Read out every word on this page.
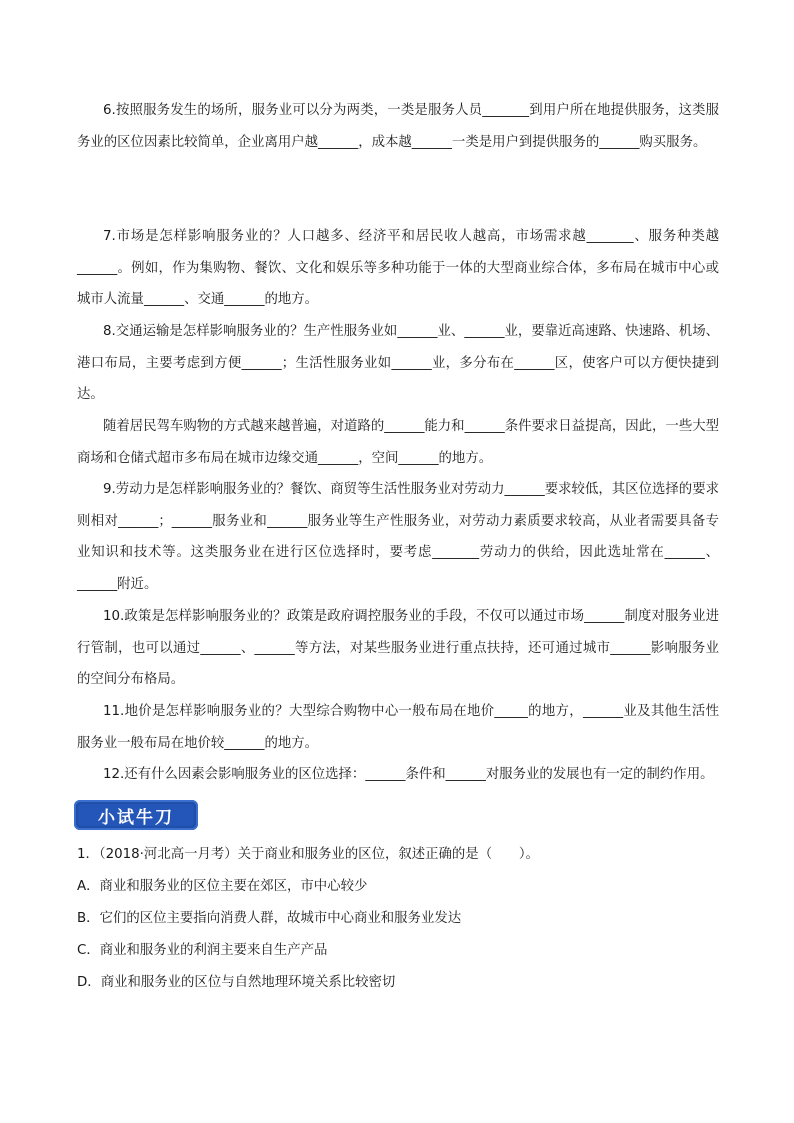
6.按照服务发生的场所，服务业可以分为两类，一类是服务人员_______到用户所在地提供服务，这类服务业的区位因素比较简单，企业离用户越______，成本越______一类是用户到提供服务的______购买服务。
7.市场是怎样影响服务业的？人口越多、经济平和居民收人越高，市场需求越_______、服务种类越______。例如，作为集购物、餐饮、文化和娱乐等多种功能于一体的大型商业综合体，多布局在城市中心或城市人流量______、交通______的地方。
8.交通运输是怎样影响服务业的？生产性服务业如______业、______业，要靠近高速路、快速路、机场、港口布局，主要考虑到方便______；生活性服务业如______业，多分布在______区，使客户可以方便快捷到达。
随着居民驾车购物的方式越来越普遍，对道路的______能力和______条件要求日益提高，因此，一些大型商场和仓储式超市多布局在城市边缘交通______，空间______的地方。
9.劳动力是怎样影响服务业的？餐饮、商贸等生活性服务业对劳动力______要求较低，其区位选择的要求则相对______；______服务业和______服务业等生产性服务业，对劳动力素质要求较高，从业者需要具备专业知识和技术等。这类服务业在进行区位选择时，要考虑_______劳动力的供给，因此选址常在______、______附近。
10.政策是怎样影响服务业的？政策是政府调控服务业的手段，不仅可以通过市场______制度对服务业进行管制，也可以通过______、______等方法，对某些服务业进行重点扶持，还可通过城市______影响服务业的空间分布格局。
11.地价是怎样影响服务业的？大型综合购物中心一般布局在地价_____的地方，______业及其他生活性服务业一般布局在地价较______的地方。
12.还有什么因素会影响服务业的区位选择：______条件和______对服务业的发展也有一定的制约作用。
小试牛刀
1．（2018·河北高一月考）关于商业和服务业的区位，叙述正确的是（　　）。
A．商业和服务业的区位主要在郊区，市中心较少
B．它们的区位主要指向消费人群，故城市中心商业和服务业发达
C．商业和服务业的利润主要来自生产产品
D．商业和服务业的区位与自然地理环境关系比较密切
